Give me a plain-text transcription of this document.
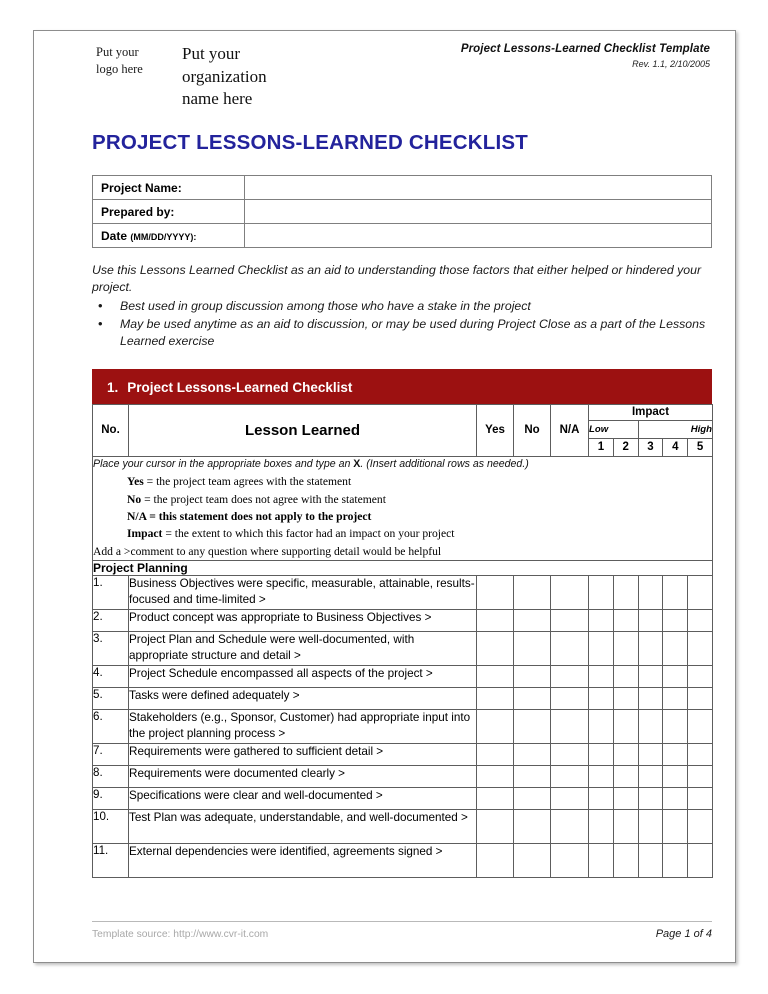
Put your
logo here
Put your
organization
name here
Project Lessons-Learned Checklist Template
Rev. 1.1, 2/10/2005
PROJECT LESSONS-LEARNED CHECKLIST
Project Name:	
Prepared by:	
Date (MM/DD/YYYY):	
Use this Lessons Learned Checklist as an aid to understanding those factors that either helped or hindered your project.
• Best used in group discussion among those who have a stake in the project
• May be used anytime as an aid to discussion, or may be used during Project Close as a part of the Lessons Learned exercise
1. Project Lessons-Learned Checklist
No.	Lesson Learned	Yes	No	N/A	Impact				
					Low		High		
					1	2	3	4	5

Place your cursor in the appropriate boxes and type an X. (Insert additional rows as needed.)
Yes = the project team agrees with the statement
No = the project team does not agree with the statement
N/A = this statement does not apply to the project
Impact = the extent to which this factor had an impact on your project
Add a >comment to any question where supporting detail would be helpful

Project Planning									
1.	Business Objectives were specific, measurable, attainable, results-focused and time-limited >								
2.	Product concept was appropriate to Business Objectives >								
3.	Project Plan and Schedule were well-documented, with appropriate structure and detail >								
4.	Project Schedule encompassed all aspects of the project >								
5.	Tasks were defined adequately >								
6.	Stakeholders (e.g., Sponsor, Customer) had appropriate input into the project planning process >								
7.	Requirements were gathered to sufficient detail >								
8.	Requirements were documented clearly >								
9.	Specifications were clear and well-documented >								
10.	Test Plan was adequate, understandable, and well-documented >								
11.	External dependencies were identified, agreements signed >								
Template source: http://www.cvr-it.com	Page 1 of 4
